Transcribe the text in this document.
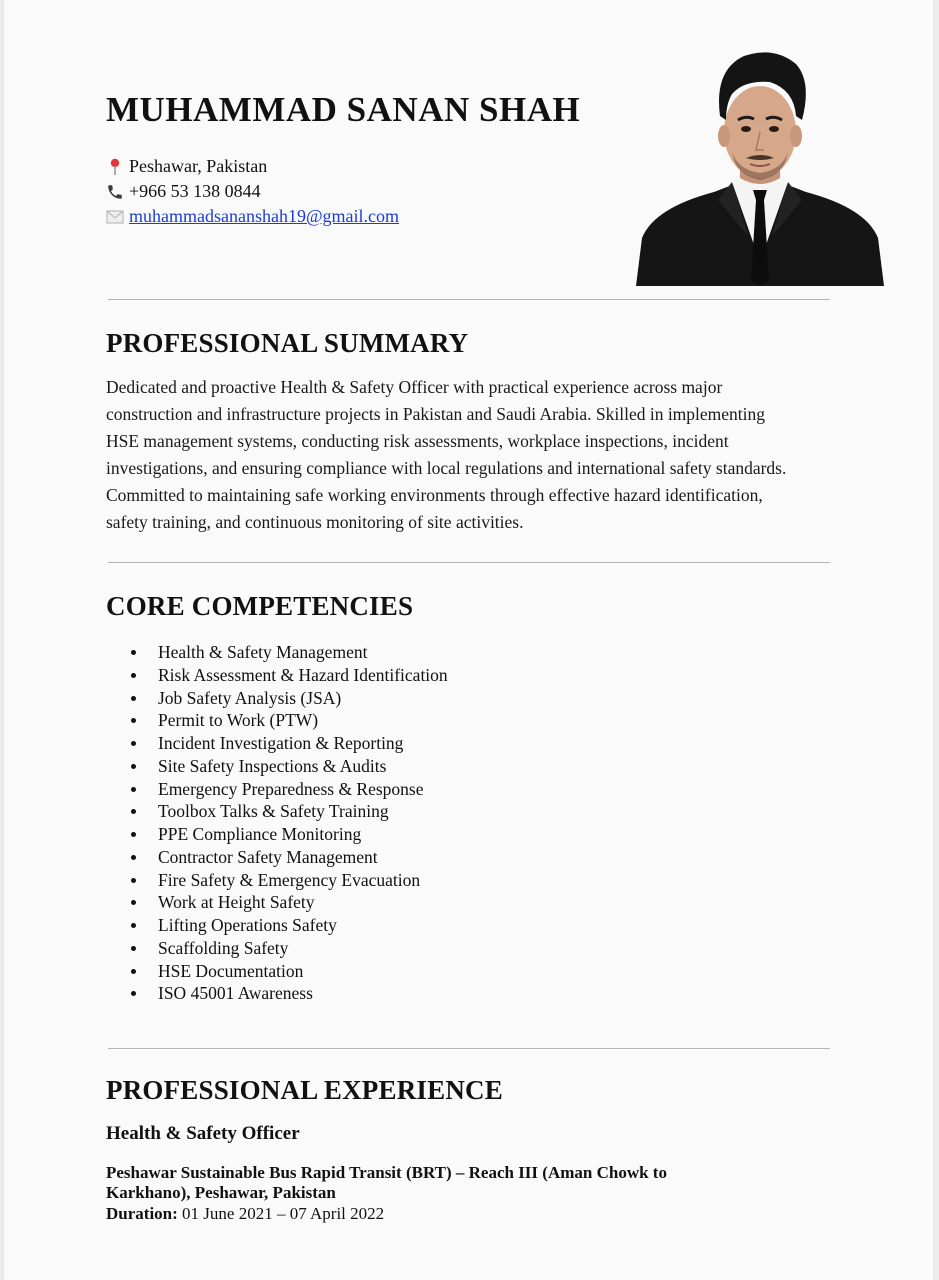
MUHAMMAD SANAN SHAH
Peshawar, Pakistan
+966 53 138 0844
muhammadsananshah19@gmail.com
PROFESSIONAL SUMMARY

Dedicated and proactive Health & Safety Officer with practical experience across major construction and infrastructure projects in Pakistan and Saudi Arabia. Skilled in implementing HSE management systems, conducting risk assessments, workplace inspections, incident investigations, and ensuring compliance with local regulations and international safety standards. Committed to maintaining safe working environments through effective hazard identification, safety training, and continuous monitoring of site activities.

CORE COMPETENCIES
Health & Safety Management
Risk Assessment & Hazard Identification
Job Safety Analysis (JSA)
Permit to Work (PTW)
Incident Investigation & Reporting
Site Safety Inspections & Audits
Emergency Preparedness & Response
Toolbox Talks & Safety Training
PPE Compliance Monitoring
Contractor Safety Management
Fire Safety & Emergency Evacuation
Work at Height Safety
Lifting Operations Safety
Scaffolding Safety
HSE Documentation
ISO 45001 Awareness
PROFESSIONAL EXPERIENCE
Health & Safety Officer

Peshawar Sustainable Bus Rapid Transit (BRT) – Reach III (Aman Chowk to Karkhano), Peshawar, Pakistan

Duration: 01 June 2021 – 07 April 2022
